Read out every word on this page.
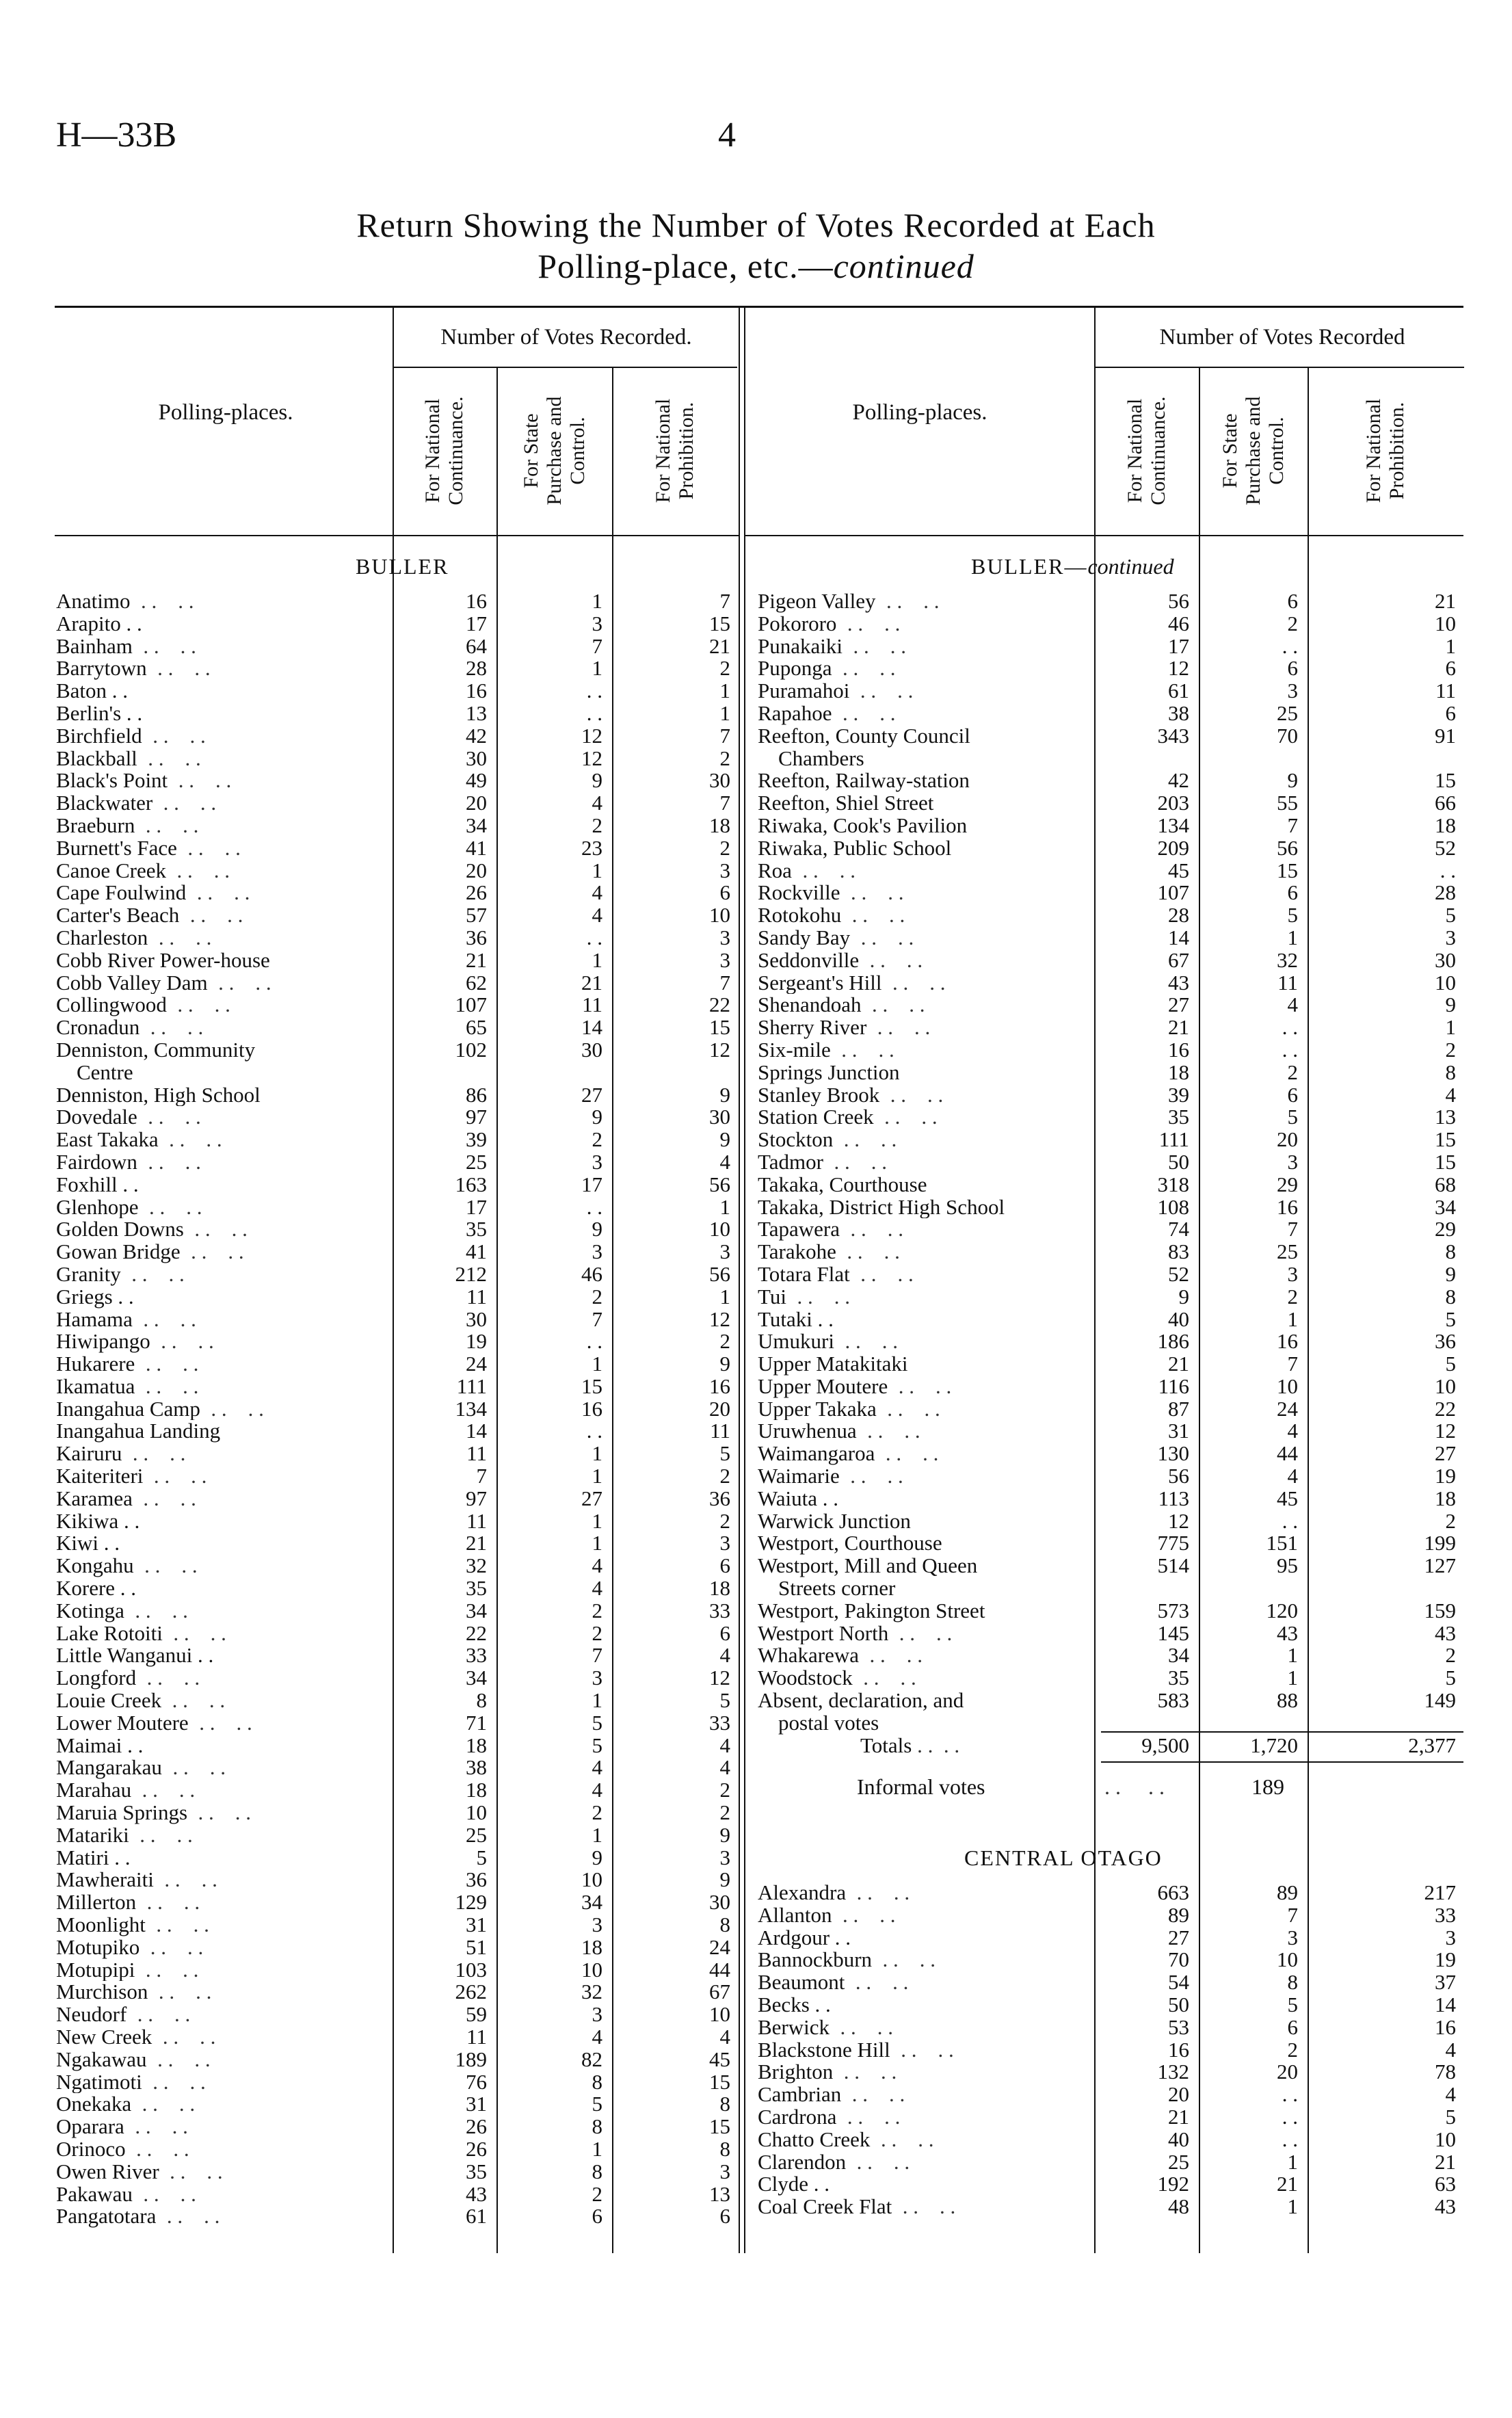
H—33B	4
Return Showing the Number of Votes Recorded at Each
Polling-place, etc.—continued
Polling-places.
Number of Votes Recorded.
Polling-places.
Number of Votes Recorded
For National
Continuance.	For State
Purchase and
Control.
For National
Prohibition.	For National
Continuance.	For State
Purchase and
Control.
For National
Prohibition.
BULLER	BULLER—continued
Anatimo  . .    . .	16	1	7
Arapito . .	17	3	15
Bainham  . .    . .	64	7	21
Barrytown  . .    . .	28	1	2
Baton . .	16	. .	1
Berlin's . .	13	. .	1
Birchfield  . .    . .	42	12	7
Blackball  . .    . .	30	12	2
Black's Point  . .    . .	49	9	30
Blackwater  . .    . .	20	4	7
Braeburn  . .    . .	34	2	18
Burnett's Face  . .    . .	41	23	2
Canoe Creek  . .    . .	20	1	3
Cape Foulwind  . .    . .	26	4	6
Carter's Beach  . .    . .	57	4	10
Charleston  . .    . .	36	. .	3
Cobb River Power-house	21	1	3
Cobb Valley Dam  . .    . .	62	21	7
Collingwood  . .    . .	107	11	22
Cronadun  . .    . .	65	14	15
Denniston, Community	102	30	12
Centre			
Denniston, High School	86	27	9
Dovedale  . .    . .	97	9	30
East Takaka  . .    . .	39	2	9
Fairdown  . .    . .	25	3	4
Foxhill . .	163	17	56
Glenhope  . .    . .	17	. .	1
Golden Downs  . .    . .	35	9	10
Gowan Bridge  . .    . .	41	3	3
Granity  . .    . .	212	46	56
Griegs . .	11	2	1
Hamama  . .    . .	30	7	12
Hiwipango  . .    . .	19	. .	2
Hukarere  . .    . .	24	1	9
Ikamatua  . .    . .	111	15	16
Inangahua Camp  . .    . .	134	16	20
Inangahua Landing	14	. .	11
Kairuru  . .    . .	11	1	5
Kaiteriteri  . .    . .	7	1	2
Karamea  . .    . .	97	27	36
Kikiwa . .	11	1	2
Kiwi . .	21	1	3
Kongahu  . .    . .	32	4	6
Korere . .	35	4	18
Kotinga  . .    . .	34	2	33
Lake Rotoiti  . .    . .	22	2	6
Little Wanganui . .	33	7	4
Longford  . .    . .	34	3	12
Louie Creek  . .    . .	8	1	5
Lower Moutere  . .    . .	71	5	33
Maimai . .	18	5	4
Mangarakau  . .    . .	38	4	4
Marahau  . .    . .	18	4	2
Maruia Springs  . .    . .	10	2	2
Matariki  . .    . .	25	1	9
Matiri . .	5	9	3
Mawheraiti  . .    . .	36	10	9
Millerton  . .    . .	129	34	30
Moonlight  . .    . .	31	3	8
Motupiko  . .    . .	51	18	24
Motupipi  . .    . .	103	10	44
Murchison  . .    . .	262	32	67
Neudorf  . .    . .	59	3	10
New Creek  . .    . .	11	4	4
Ngakawau  . .    . .	189	82	45
Ngatimoti  . .    . .	76	8	15
Onekaka  . .    . .	31	5	8
Oparara  . .    . .	26	8	15
Orinoco  . .    . .	26	1	8
Owen River  . .    . .	35	8	3
Pakawau  . .    . .	43	2	13
Pangatotara  . .    . .	61	6	6
Pigeon Valley  . .    . .	56	6	21
Pokororo  . .    . .	46	2	10
Punakaiki  . .    . .	17	. .	1
Puponga  . .    . .	12	6	6
Puramahoi  . .    . .	61	3	11
Rapahoe  . .    . .	38	25	6
Reefton, County Council	343	70	91
Chambers			
Reefton, Railway-station	42	9	15
Reefton, Shiel Street	203	55	66
Riwaka, Cook's Pavilion	134	7	18
Riwaka, Public School	209	56	52
Roa  . .    . .	45	15	. .
Rockville  . .    . .	107	6	28
Rotokohu  . .    . .	28	5	5
Sandy Bay  . .    . .	14	1	3
Seddonville  . .    . .	67	32	30
Sergeant's Hill  . .    . .	43	11	10
Shenandoah  . .    . .	27	4	9
Sherry River  . .    . .	21	. .	1
Six-mile  . .    . .	16	. .	2
Springs Junction	18	2	8
Stanley Brook  . .    . .	39	6	4
Station Creek  . .    . .	35	5	13
Stockton  . .    . .	111	20	15
Tadmor  . .    . .	50	3	15
Takaka, Courthouse	318	29	68
Takaka, District High School	108	16	34
Tapawera  . .    . .	74	7	29
Tarakohe  . .    . .	83	25	8
Totara Flat  . .    . .	52	3	9
Tui  . .    . .	9	2	8
Tutaki . .	40	1	5
Umukuri  . .    . .	186	16	36
Upper Matakitaki	21	7	5
Upper Moutere  . .    . .	116	10	10
Upper Takaka  . .    . .	87	24	22
Uruwhenua  . .    . .	31	4	12
Waimangaroa  . .    . .	130	44	27
Waimarie  . .    . .	56	4	19
Waiuta . .	113	45	18
Warwick Junction	12	. .	2
Westport, Courthouse	775	151	199
Westport, Mill and Queen	514	95	127
Streets corner			
Westport, Pakington Street	573	120	159
Westport North  . .    . .	145	43	43
Whakarewa  . .    . .	34	1	2
Woodstock  . .    . .	35	1	5
Absent, declaration, and	583	88	149
postal votes			
Totals . .  . .	9,500	1,720	2,377
Informal votes	. .     . .	189
CENTRAL OTAGO
Alexandra  . .    . .	663	89	217
Allanton  . .    . .	89	7	33
Ardgour . .	27	3	3
Bannockburn  . .    . .	70	10	19
Beaumont  . .    . .	54	8	37
Becks . .	50	5	14
Berwick  . .    . .	53	6	16
Blackstone Hill  . .    . .	16	2	4
Brighton  . .    . .	132	20	78
Cambrian  . .    . .	20	. .	4
Cardrona  . .    . .	21	. .	5
Chatto Creek  . .    . .	40	. .	10
Clarendon  . .    . .	25	1	21
Clyde . .	192	21	63
Coal Creek Flat  . .    . .	48	1	43
